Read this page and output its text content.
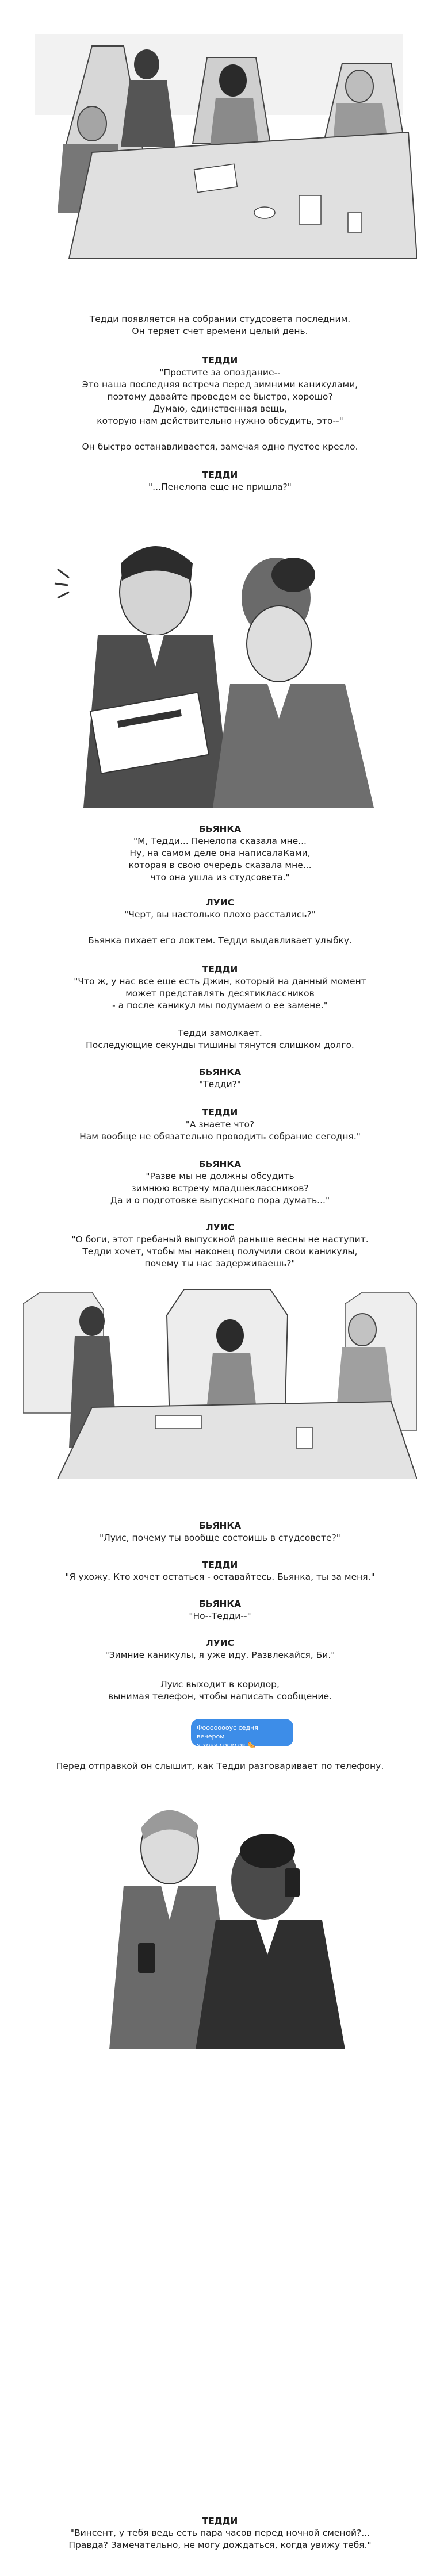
Тедди появляется на собрании студсовета последним.
Он теряет счет времени целый день.
ТЕДДИ
"Простите за опоздание--
Это наша последняя встреча перед зимними каникулами,
поэтому давайте проведем ее быстро, хорошо?
Думаю, единственная вещь,
которую нам действительно нужно обсудить, это--"
Он быстро останавливается, замечая одно пустое кресло.
ТЕДДИ
"...Пенелопа еще не пришла?"
БЬЯНКА
"М, Тедди... Пенелопа сказала мне...
Ну, на самом деле она написалаКами,
которая в свою очередь сказала мне...
что она ушла из студсовета."
ЛУИС
"Черт, вы настолько плохо расстались?"
Бьянка пихает его локтем. Тедди выдавливает улыбку.
ТЕДДИ
"Что ж, у нас все еще есть Джин, который на данный момент
может представлять десятиклассников
- а после каникул мы подумаем о ее замене."
Тедди замолкает.
Последующие секунды тишины тянутся слишком долго.
БЬЯНКА
"Тедди?"
ТЕДДИ
"А знаете что?
Нам вообще не обязательно проводить собрание сегодня."
БЬЯНКА
"Разве мы не должны обсудить
зимнюю встречу младшеклассников?
Да и о подготовке выпускного пора думать..."
ЛУИС
"О боги, этот гребаный выпускной раньше весны не наступит.
Тедди хочет, чтобы мы наконец получили свои каникулы,
почему ты нас задерживаешь?"
БЬЯНКА
"Луис, почему ты вообще состоишь в студсовете?"
ТЕДДИ
"Я ухожу. Кто хочет остаться - оставайтесь. Бьянка, ты за меня."
БЬЯНКА
"Но--Тедди--"
ЛУИС
"Зимние каникулы, я уже иду. Развлекайся, Би."
Луис выходит в коридор,
вынимая телефон, чтобы написать сообщение.
Фоооооооус седня вечером
я хочу сосисок 🌭
Перед отправкой он слышит, как Тедди разговаривает по телефону.
ТЕДДИ
"Винсент, у тебя ведь есть пара часов перед ночной сменой?...
Правда? Замечательно, не могу дождаться, когда увижу тебя."
